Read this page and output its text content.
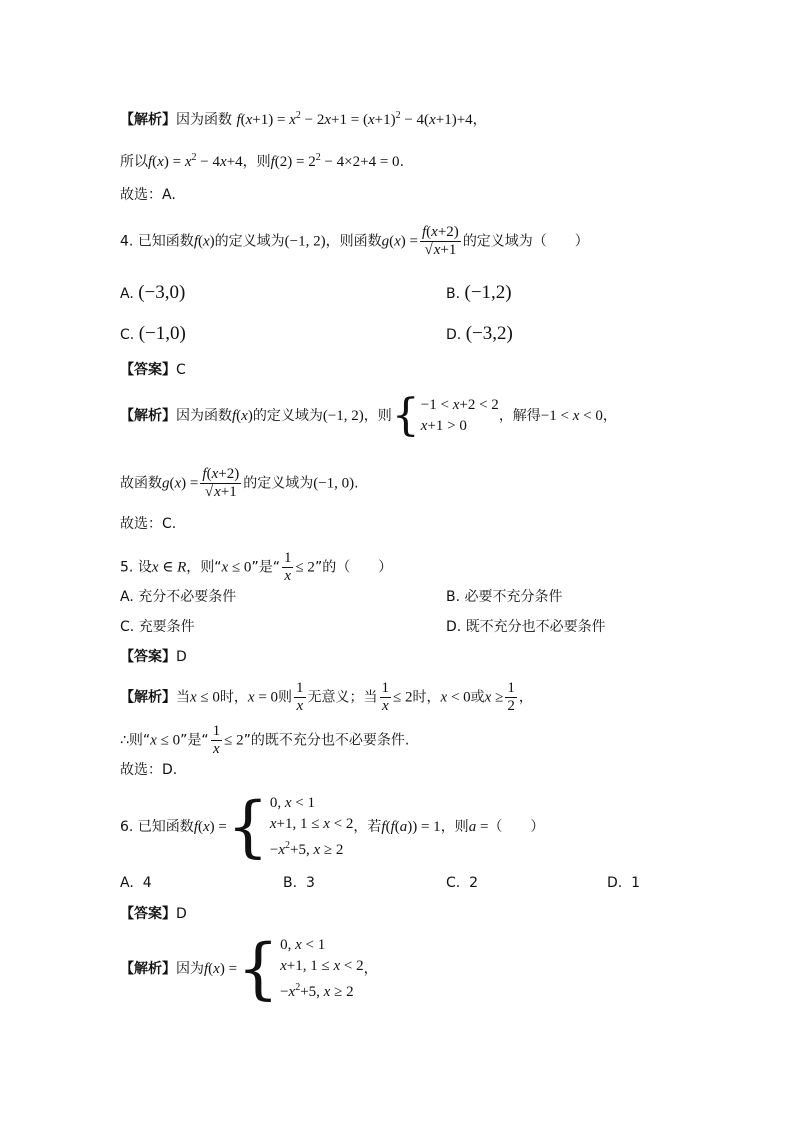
【解析】因为函数 $f(x+1) = x^2 - 2x+1 = (x+1)^2 - 4(x+1)+4$，
所以$f(x) = x^2 - 4x+4$，则$f(2) = 2^2 - 4\times 2+4 = 0$.
故选：A.
4. 已知函数f(x)的定义域为(−1, 2)，则函数$g(x) = \frac{f(x+2)}{√x+1}$ 的定义域为（　　）
A. (−3,0)	B. (−1,2)
C. (−1,0)	D. (−3,2)
【答案】C
【解析】因为函数f(x)的定义域为(−1, 2)，则{ −1 < x+2 < 2
x+1 > 0
，解得−1 < x < 0，
故函数$g(x) = \frac{f(x+2)}{√x+1}$ 的定义域为(−1, 0).
故选：C.
5. 设x ∈ R，则“x ≤ 0”是“ $\frac{1}{x} \le 2$”的（　　）
A. 充分不必要条件	B. 必要不充分条件
C. 充要条件	D. 既不充分也不必要条件
【答案】D
【解析】当x ≤ 0时，x = 0则 $\frac{1}{x}$ 无意义；当 $\frac{1}{x} \le 2$时，x < 0或$x \ge \frac{1}{2}$ ，
∴则“x ≤ 0”是“ $\frac{1}{x} \le 2$”的既不充分也不必要条件.
故选：D.
6. 已知函数f(x) ={ 0, x < 1
x+1, 1 ≤ x < 2
$-x^2+5$, x ≥ 2
，若f(f(a)) = 1，则a =（　　）
A. 4	B. 3	C. 2	D. 1
【答案】D
【解析】因为f(x) ={ 0, x < 1
x+1, 1 ≤ x < 2
$-x^2+5$, x ≥ 2
，
